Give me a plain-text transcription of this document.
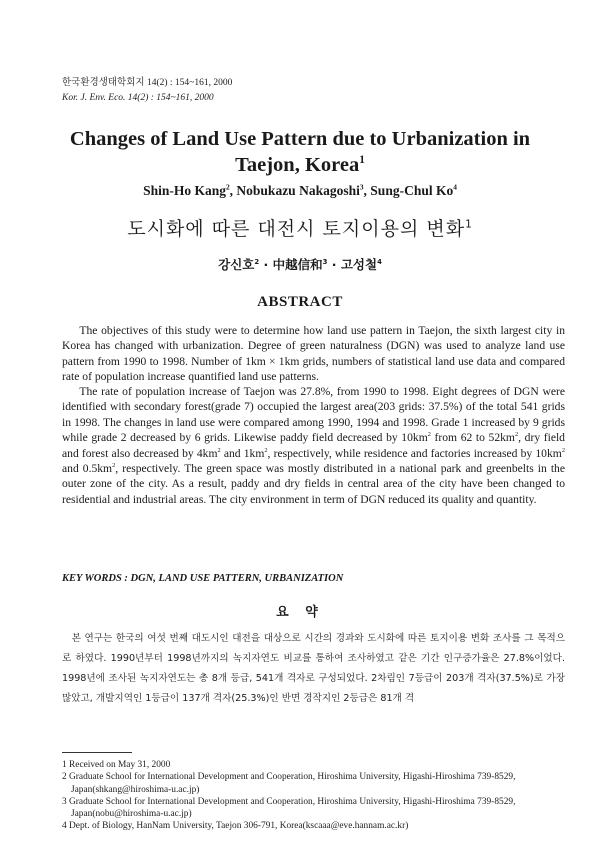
한국환경생태학회지 14(2) : 154~161, 2000
Kor. J. Env. Eco. 14(2) : 154~161, 2000
Changes of Land Use Pattern due to Urbanization in Taejon, Korea$^1$
Shin-Ho Kang$^2$, Nobukazu Nakagoshi$^3$, Sung-Chul Ko$^4$
도시화에 따른 대전시 토지이용의 변화$^1$
강신호$^2$ · 中越信和$^3$ · 고성철$^4$
ABSTRACT

  The objectives of this study were to determine how land use pattern in Taejon, the sixth largest city in Korea has changed with urbanization. Degree of green naturalness (DGN) was used to analyze land use pattern from 1990 to 1998. Number of 1km × 1km grids, numbers of statistical land use data and compared rate of population increase quantified land use patterns.

  The rate of population increase of Taejon was 27.8%, from 1990 to 1998. Eight degrees of DGN were identified with secondary forest(grade 7) occupied the largest area(203 grids: 37.5%) of the total 541 grids in 1998. The changes in land use were compared among 1990, 1994 and 1998. Grade 1 increased by 9 grids while grade 2 decreased by 6 grids. Likewise paddy field decreased by $10km^2$ from 62 to $52km^2$, dry field and forest also decreased by $4km^2$ and $1km^2$, respectively, while residence and factories increased by $10km^2$ and $0.5km^2$, respectively. The green space was mostly distributed in a national park and greenbelts in the outer zone of the city. As a result, paddy and dry fields in central area of the city have been changed to residential and industrial areas. The city environment in term of DGN reduced its quality and quantity.

KEY WORDS : DGN, LAND USE PATTERN, URBANIZATION
요 약

 본 연구는 한국의 여섯 번째 대도시인 대전을 대상으로 시간의 경과와 도시화에 따른 토지이용 변화 조사를 그 목적으로 하였다. 1990년부터 1998년까지의 녹지자연도 비교를 통하여 조사하였고 같은 기간 인구증가율은 27.8%이었다. 1998년에 조사된 녹지자연도는 총 8개 등급, 541개 격자로 구성되었다. 2차림인 7등급이 203개 격자(37.5%)로 가장 많았고, 개발지역인 1등급이 137개 격자(25.3%)인 반면 경작지인 2등급은 81개 격

1 Received on May 31, 2000
2 Graduate School for International Development and Cooperation, Hiroshima University, Higashi-Hiroshima 739-8529, Japan(shkang@hiroshima-u.ac.jp)
3 Graduate School for International Development and Cooperation, Hiroshima University, Higashi-Hiroshima 739-8529, Japan(nobu@hiroshima-u.ac.jp)
4 Dept. of Biology, HanNam University, Taejon 306-791, Korea(kscaaa@eve.hannam.ac.kr)
